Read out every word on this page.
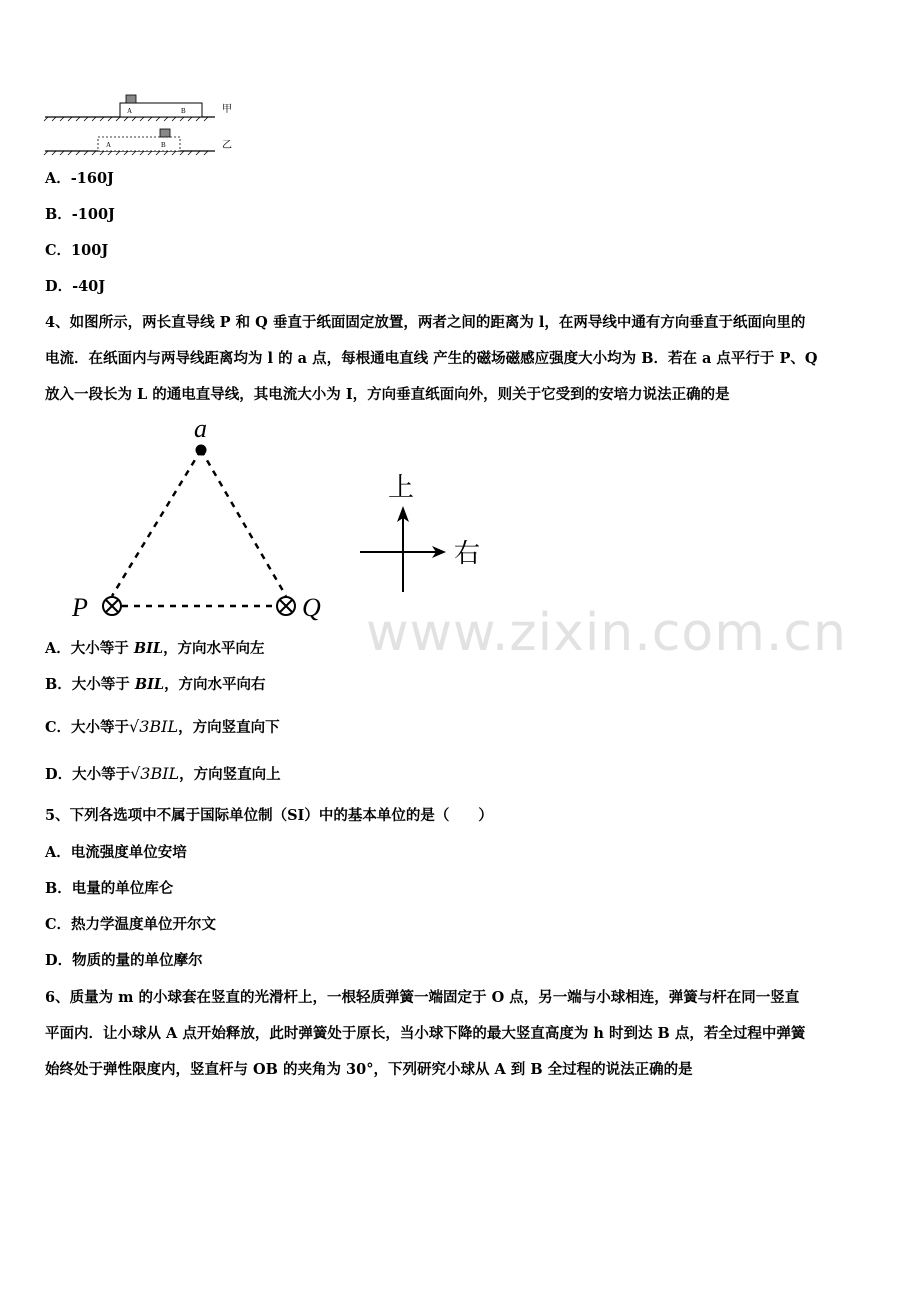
A	B	甲
A	B	乙
A．-160J
B．-100J
C．100J
D．-40J
4、如图所示，两长直导线 P 和 Q 垂直于纸面固定放置，两者之间的距离为 l，在两导线中通有方向垂直于纸面向里的
电流．在纸面内与两导线距离均为 l 的 a 点，每根通电直线 产生的磁场磁感应强度大小均为 B．若在 a 点平行于 P、Q
放入一段长为 L 的通电直导线，其电流大小为 I，方向垂直纸面向外，则关于它受到的安培力说法正确的是
a
P	Q
上
右
www.zixin.com.cn
A．大小等于 BIL，方向水平向左
B．大小等于 BIL，方向水平向右
C．大小等于√3BIL，方向竖直向下
D．大小等于√3BIL，方向竖直向上
5、下列各选项中不属于国际单位制（SI）中的基本单位的是（　　）
A．电流强度单位安培
B．电量的单位库仑
C．热力学温度单位开尔文
D．物质的量的单位摩尔
6、质量为 m 的小球套在竖直的光滑杆上，一根轻质弹簧一端固定于 O 点，另一端与小球相连，弹簧与杆在同一竖直
平面内．让小球从 A 点开始释放，此时弹簧处于原长，当小球下降的最大竖直高度为 h 时到达 B 点，若全过程中弹簧
始终处于弹性限度内，竖直杆与 OB 的夹角为 30°，下列研究小球从 A 到 B 全过程的说法正确的是
